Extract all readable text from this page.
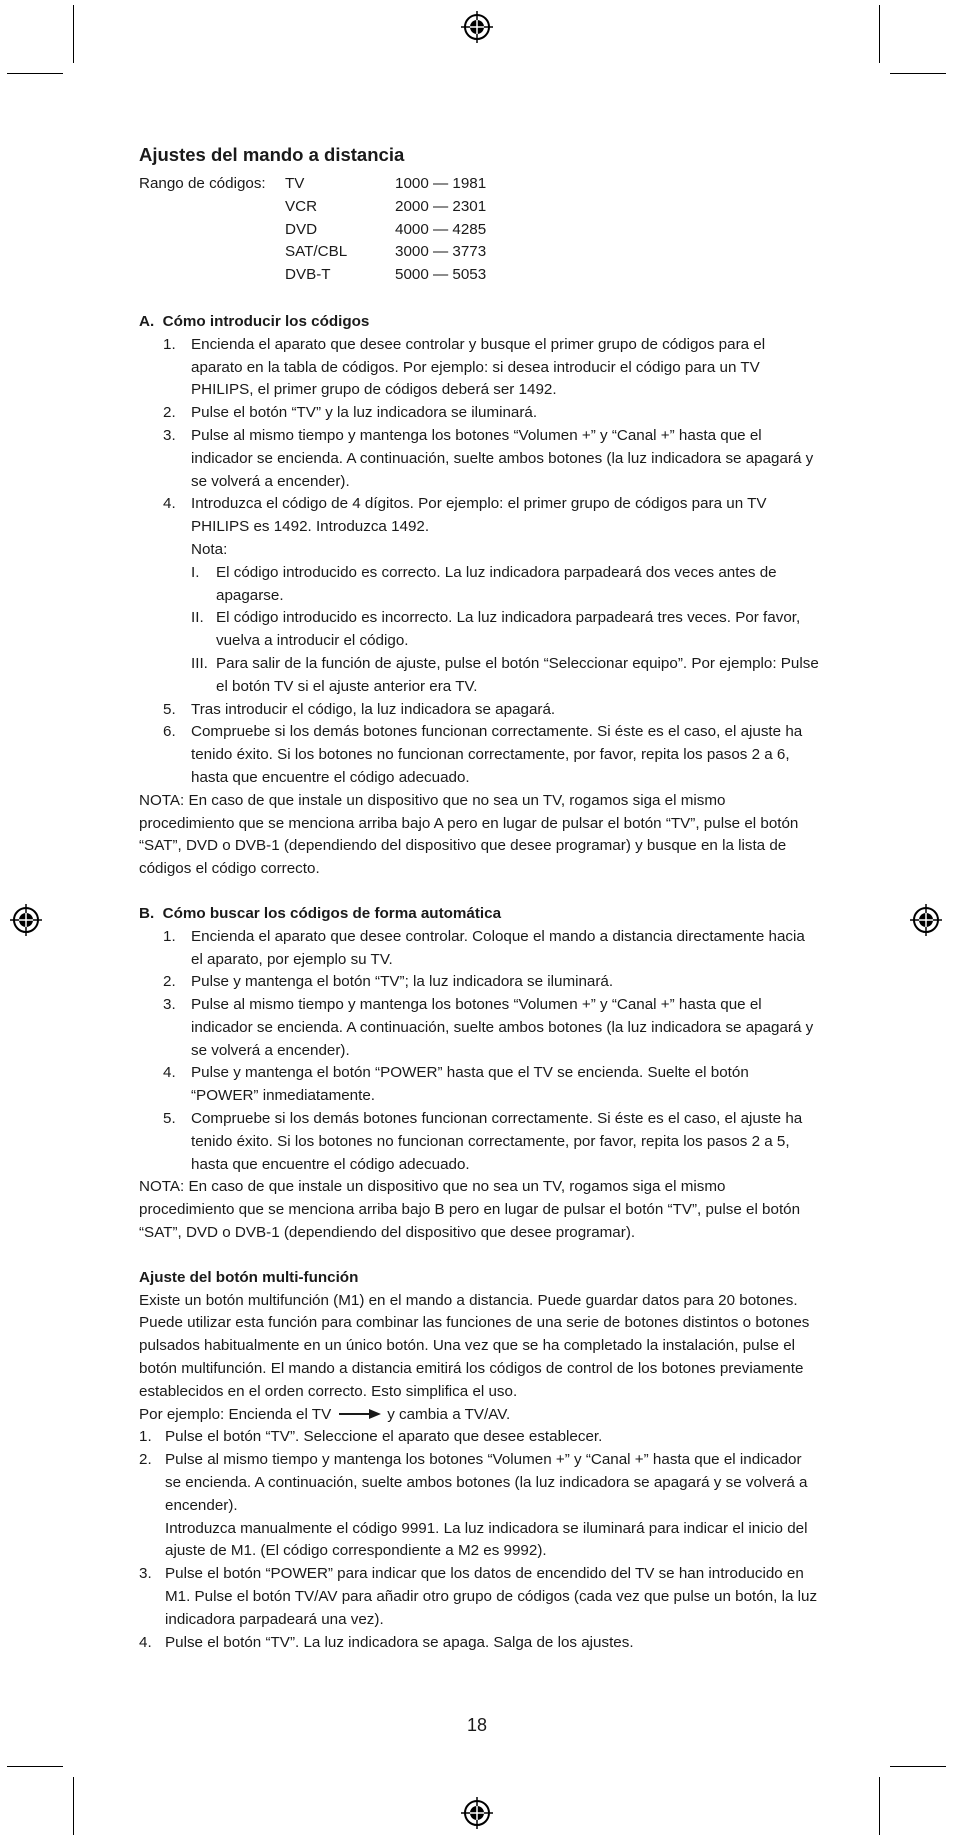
Ajustes del mando a distancia
Rango de códigos:	TV	1000 — 1981
VCR	2000 — 2301
DVD	4000 — 4285
SAT/CBL	3000 — 3773
DVB-T	5000 — 5053

A.  Cómo introducir los códigos

1. Encienda el aparato que desee controlar y busque el primer grupo de códigos para el aparato en la tabla de códigos. Por ejemplo: si desea introducir el código para un TV PHILIPS, el primer grupo de códigos deberá ser 1492.
2. Pulse el botón “TV” y la luz indicadora se iluminará.
3. Pulse al mismo tiempo y mantenga los botones “Volumen +” y “Canal +” hasta que el indicador se encienda. A continuación, suelte ambos botones (la luz indicadora se apagará y se volverá a encender).
4. Introduzca el código de 4 dígitos. Por ejemplo: el primer grupo de códigos para un TV PHILIPS es 1492. Introduzca 1492.
Nota:
I.	El código introducido es correcto. La luz indicadora parpadeará dos veces antes de apagarse.
II. El código introducido es incorrecto. La luz indicadora parpadeará tres veces. Por favor, vuelva a introducir el código.
III. Para salir de la función de ajuste, pulse el botón “Seleccionar equipo”. Por ejemplo: Pulse el botón TV si el ajuste anterior era TV.
5. Tras introducir el código, la luz indicadora se apagará.
6. Compruebe si los demás botones funcionan correctamente. Si éste es el caso, el ajuste ha tenido éxito. Si los botones no funcionan correctamente, por favor, repita los pasos 2 a 6, hasta que encuentre el código adecuado.

NOTA: En caso de que instale un dispositivo que no sea un TV, rogamos siga el mismo procedimiento que se menciona arriba bajo A pero en lugar de pulsar el botón “TV”, pulse el botón “SAT”, DVD o DVB-1 (dependiendo del dispositivo que desee programar) y busque en la lista de códigos el código correcto.

B.  Cómo buscar los códigos de forma automática

1. Encienda el aparato que desee controlar. Coloque el mando a distancia directamente hacia el aparato, por ejemplo su TV.
2. Pulse y mantenga el botón “TV”; la luz indicadora se iluminará.
3. Pulse al mismo tiempo y mantenga los botones “Volumen +” y “Canal +” hasta que el indicador se encienda. A continuación, suelte ambos botones (la luz indicadora se apagará y se volverá a encender).
4. Pulse y mantenga el botón “POWER” hasta que el TV se encienda. Suelte el botón “POWER” inmediatamente.
5. Compruebe si los demás botones funcionan correctamente. Si éste es el caso, el ajuste ha tenido éxito. Si los botones no funcionan correctamente, por favor, repita los pasos 2 a 5, hasta que encuentre el código adecuado.

NOTA: En caso de que instale un dispositivo que no sea un TV, rogamos siga el mismo procedimiento que se menciona arriba bajo B pero en lugar de pulsar el botón “TV”, pulse el botón “SAT”, DVD o DVB-1 (dependiendo del dispositivo que desee programar).

Ajuste del botón multi-función

Existe un botón multifunción (M1) en el mando a distancia. Puede guardar datos para 20 botones. Puede utilizar esta función para combinar las funciones de una serie de botones distintos o botones pulsados habitualmente en un único botón. Una vez que se ha completado la instalación, pulse el botón multifunción. El mando a distancia emitirá los códigos de control de los botones previamente establecidos en el orden correcto. Esto simplifica el uso.

Por ejemplo: Encienda el TV	y cambia a TV/AV.

1. Pulse el botón “TV”. Seleccione el aparato que desee establecer.
2. Pulse al mismo tiempo y mantenga los botones “Volumen +” y “Canal +” hasta que el indicador se encienda. A continuación, suelte ambos botones (la luz indicadora se apagará y se volverá a encender).
Introduzca manualmente el código 9991. La luz indicadora se iluminará para indicar el inicio del ajuste de M1. (El código correspondiente a M2 es 9992).
3. Pulse el botón “POWER” para indicar que los datos de encendido del TV se han introducido en M1. Pulse el botón TV/AV para añadir otro grupo de códigos (cada vez que pulse un botón, la luz indicadora parpadeará una vez).
4. Pulse el botón “TV”. La luz indicadora se apaga. Salga de los ajustes.
18
